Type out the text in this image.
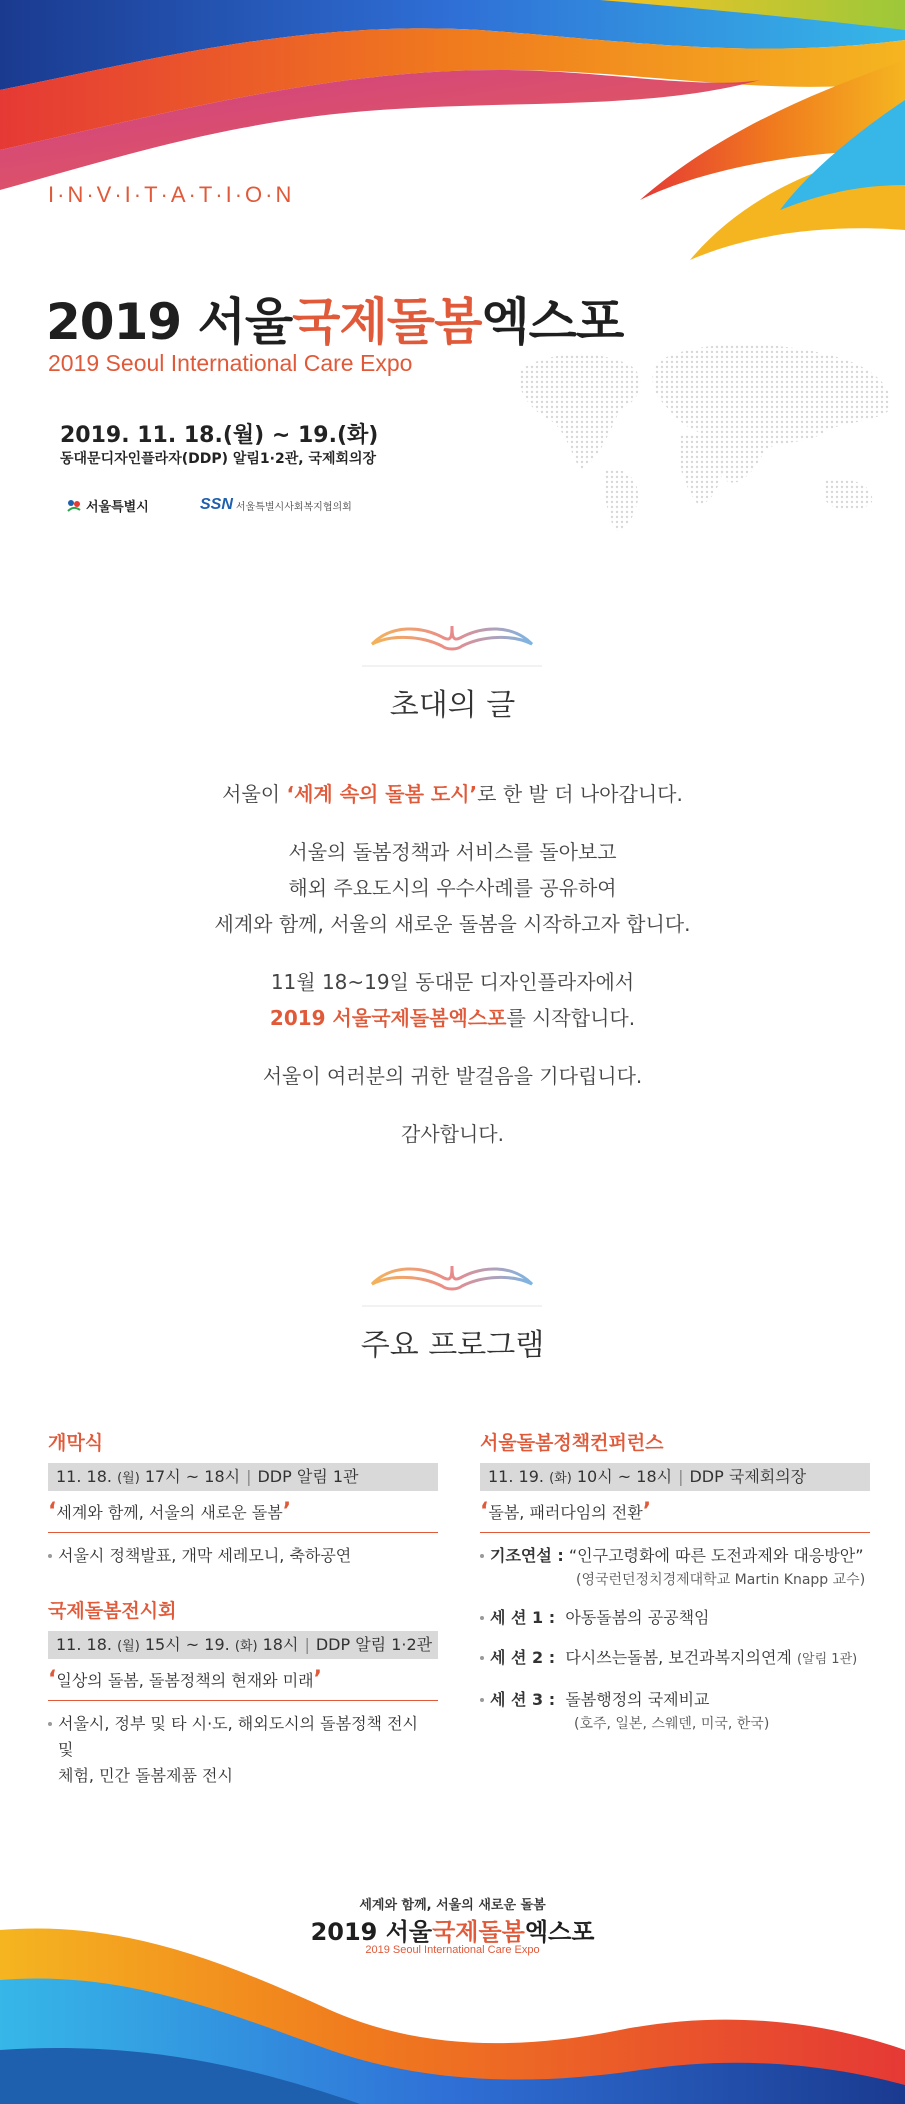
I·N·V·I·T·A·T·I·O·N
2019 서울국제돌봄엑스포
2019 Seoul International Care Expo
2019. 11. 18.(월) ~ 19.(화)
동대문디자인플라자(DDP) 알림1·2관, 국제회의장
서울특별시	SSN 서울특별시사회복지협의회
초대의 글

서울이 ‘세계 속의 돌봄 도시’로 한 발 더 나아갑니다.

서울의 돌봄정책과 서비스를 돌아보고
해외 주요도시의 우수사례를 공유하여
세계와 함께, 서울의 새로운 돌봄을 시작하고자 합니다.

11월 18~19일 동대문 디자인플라자에서
2019 서울국제돌봄엑스포를 시작합니다.

서울이 여러분의 귀한 발걸음을 기다립니다.

감사합니다.

주요 프로그램
개막식
11. 18. (월) 17시 ~ 18시 | DDP 알림 1관
‘세계와 함께, 서울의 새로운 돌봄’
서울시 정책발표, 개막 세레모니, 축하공연
국제돌봄전시회
11. 18. (월) 15시 ~ 19. (화) 18시 | DDP 알림 1·2관
‘일상의 돌봄, 돌봄정책의 현재와 미래’
서울시, 정부 및 타 시·도, 해외도시의 돌봄정책 전시 및
체험, 민간 돌봄제품 전시
서울돌봄정책컨퍼런스
11. 19. (화) 10시 ~ 18시 | DDP 국제회의장
‘돌봄, 패러다임의 전환’
기조연설 : “인구고령화에 따른 도전과제와 대응방안”
(영국런던정치경제대학교 Martin Knapp 교수)
세 션 1 : 아동돌봄의 공공책임
세 션 2 : 다시쓰는돌봄, 보건과복지의연계 (알림 1관)
세 션 3 : 돌봄행정의 국제비교
(호주, 일본, 스웨덴, 미국, 한국)
세계와 함께, 서울의 새로운 돌봄
2019 서울국제돌봄엑스포
2019 Seoul International Care Expo
